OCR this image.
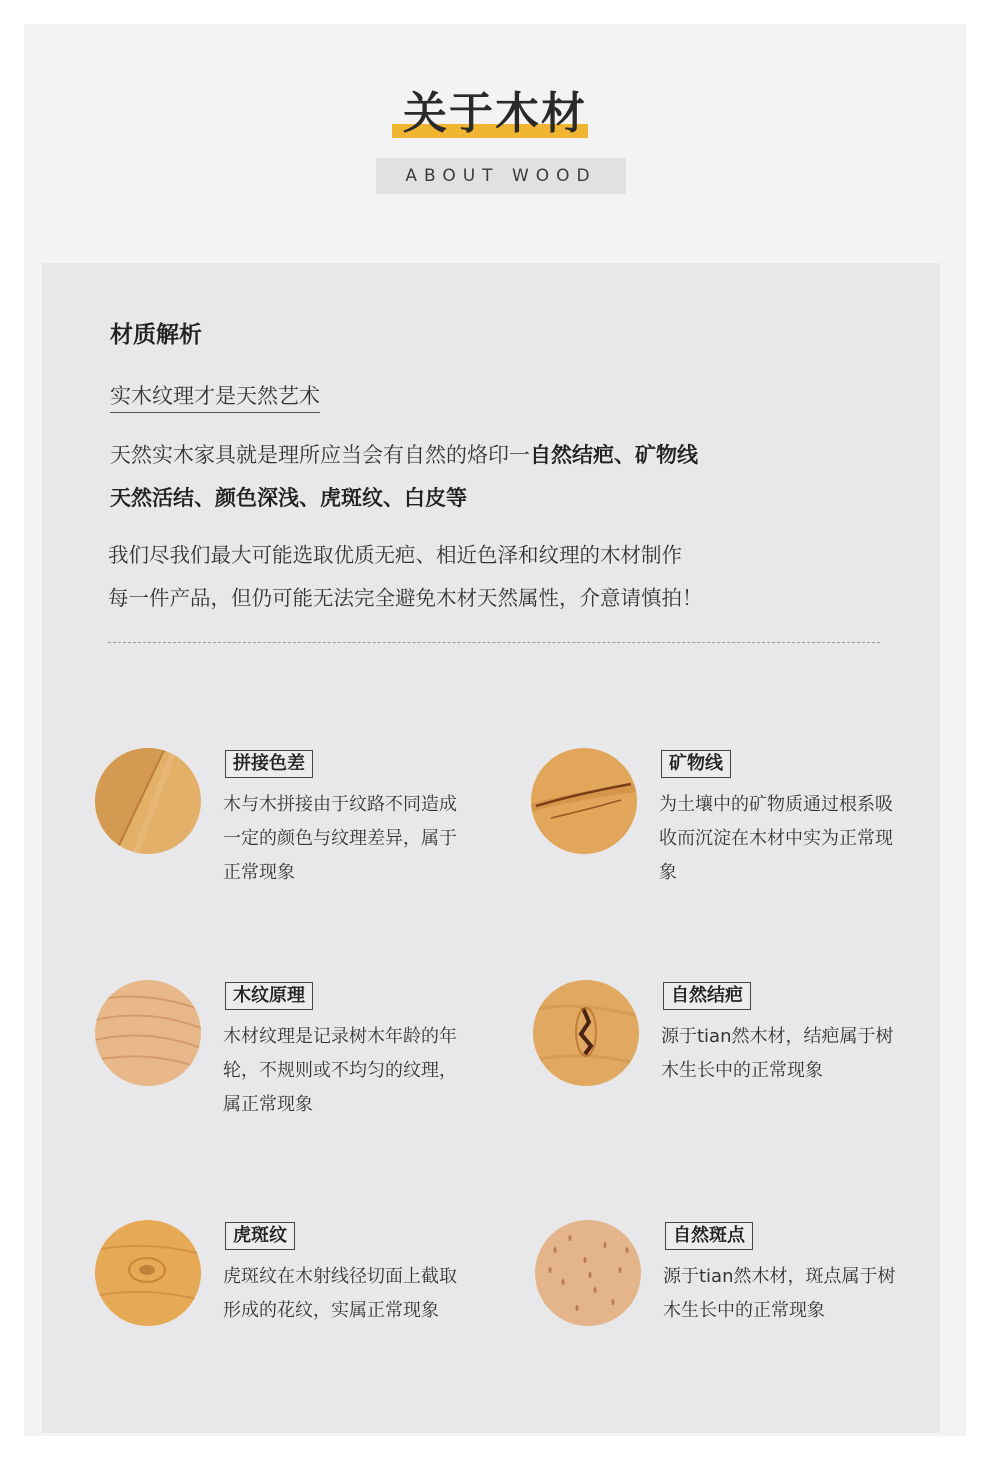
关于木材
ABOUT WOOD
材质解析
实木纹理才是天然艺术
天然实木家具就是理所应当会有自然的烙印一自然结疤、矿物线
天然活结、颜色深浅、虎斑纹、白皮等
我们尽我们最大可能选取优质无疤、相近色泽和纹理的木材制作
每一件产品，但仍可能无法完全避免木材天然属性，介意请慎拍！
拼接色差
木与木拼接由于纹路不同造成一定的颜色与纹理差异，属于正常现象
矿物线
为土壤中的矿物质通过根系吸收而沉淀在木材中实为正常现象
木纹原理
木材纹理是记录树木年龄的年轮，不规则或不均匀的纹理，属正常现象
自然结疤
源于tian然木材，结疤属于树木生长中的正常现象
虎斑纹
虎斑纹在木射线径切面上截取形成的花纹，实属正常现象
自然斑点
源于tian然木材，斑点属于树木生长中的正常现象
